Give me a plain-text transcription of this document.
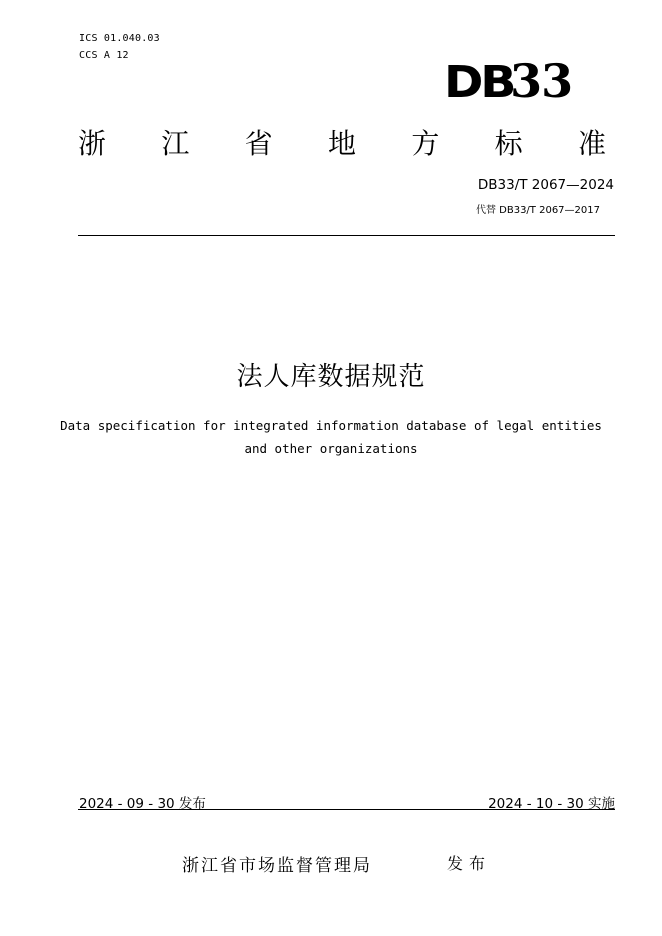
ICS 01.040.03
CCS A 12
DB33
浙 江 省 地 方 标 准
DB33/T 2067—2024
代替 DB33/T 2067—2017
法人库数据规范
Data specification for integrated information database of legal entities
and other organizations
2024 - 09 - 30 发布	2024 - 10 - 30 实施
浙江省市场监督管理局	发布
